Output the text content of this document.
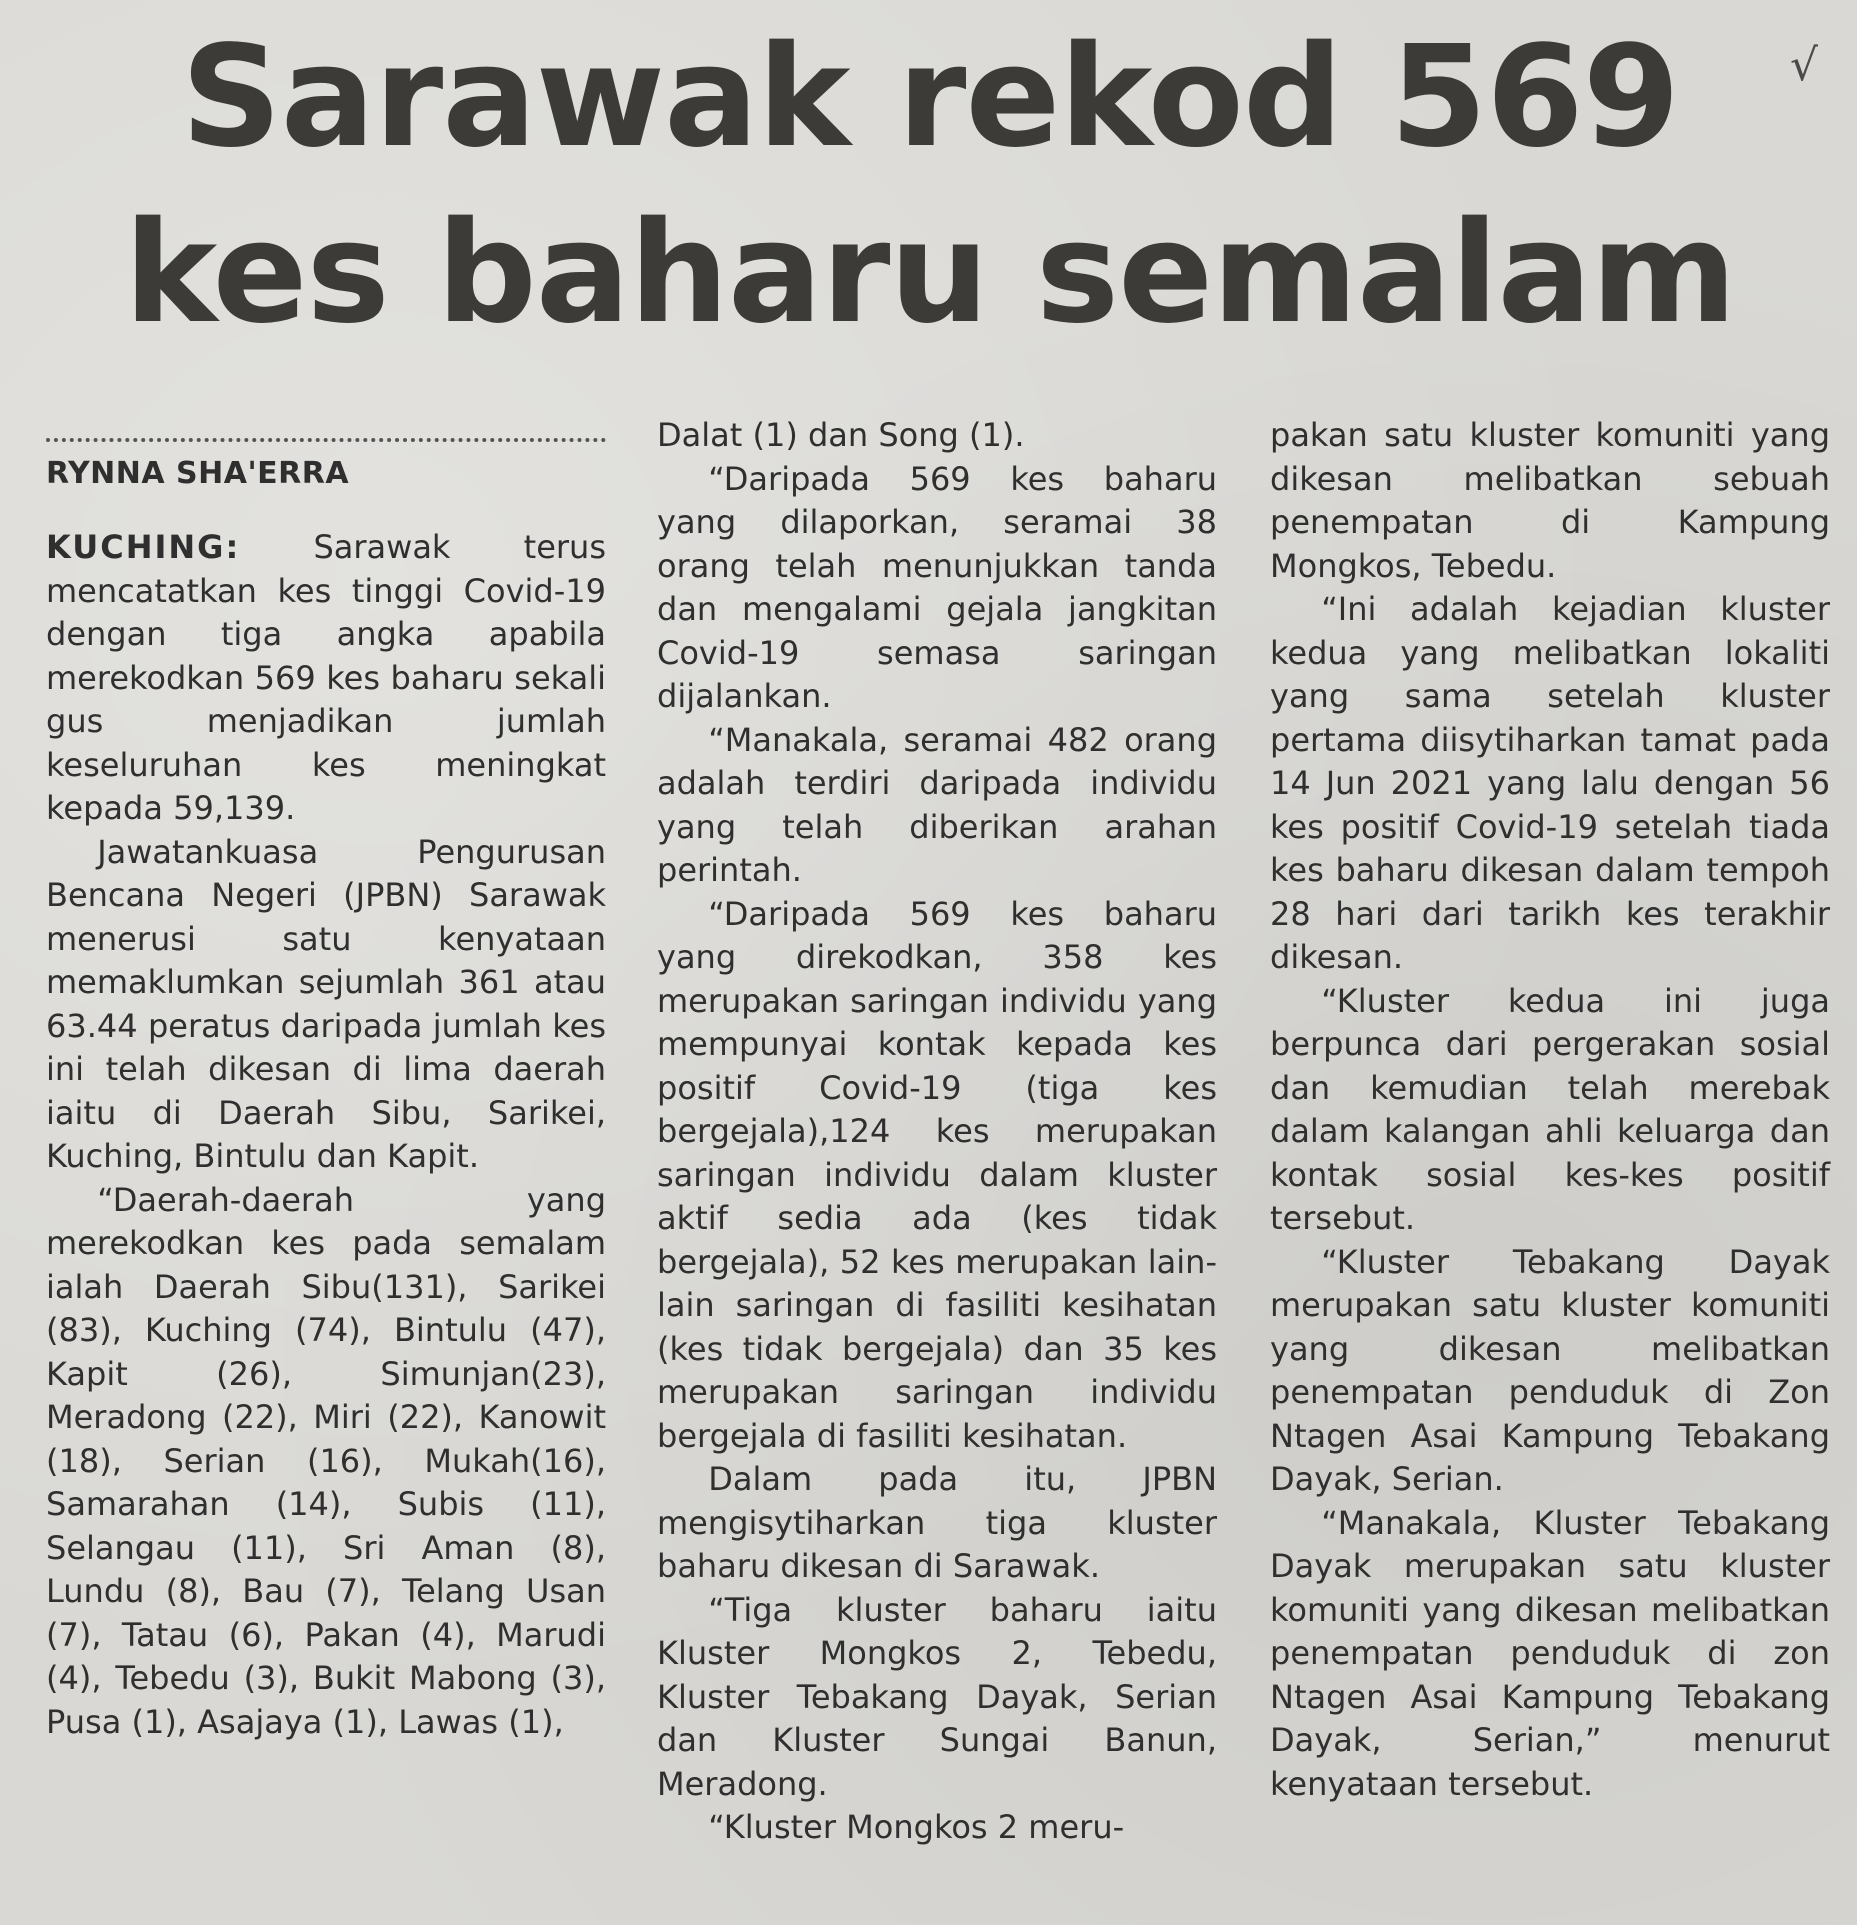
Sarawak rekod 569
kes baharu semalam
√
RYNNA SHA'ERRA

KUCHING: Sarawak terus mencatatkan kes tinggi Covid-19 dengan tiga angka apabila merekodkan 569 kes baharu sekali gus menjadikan jumlah keseluruhan kes meningkat kepada 59,139.

Jawatankuasa Pengurusan Bencana Negeri (JPBN) Sarawak menerusi satu kenyataan memaklumkan sejumlah 361 atau 63.44 peratus daripada jumlah kes ini telah dikesan di lima daerah iaitu di Daerah Sibu, Sarikei, Kuching, Bintulu dan Kapit.

“Daerah-daerah yang merekodkan kes pada semalam ialah Daerah Sibu(131), Sarikei (83), Kuching (74), Bintulu (47), Kapit (26), Simunjan(23), Meradong (22), Miri (22), Kanowit (18), Serian (16), Mukah(16), Samarahan (14), Subis (11), Selangau (11), Sri Aman (8), Lundu (8), Bau (7), Telang Usan (7), Tatau (6), Pakan (4), Marudi (4), Tebedu (3), Bukit Mabong (3), Pusa (1), Asajaya (1), Lawas (1),

Dalat (1) dan Song (1).

“Daripada 569 kes baharu yang dilaporkan, seramai 38 orang telah menunjukkan tanda dan mengalami gejala jangkitan Covid-19 semasa saringan dijalankan.

“Manakala, seramai 482 orang adalah terdiri daripada individu yang telah diberikan arahan perintah.

“Daripada 569 kes baharu yang direkodkan, 358 kes merupakan saringan individu yang mempunyai kontak kepada kes positif Covid-19 (tiga kes bergejala),124 kes merupakan saringan individu dalam kluster aktif sedia ada (kes tidak bergejala), 52 kes merupakan lain-lain saringan di fasiliti kesihatan (kes tidak bergejala) dan 35 kes merupakan saringan individu bergejala di fasiliti kesihatan.

Dalam pada itu, JPBN mengisytiharkan tiga kluster baharu dikesan di Sarawak.

“Tiga kluster baharu iaitu Kluster Mongkos 2, Tebedu, Kluster Tebakang Dayak, Serian dan Kluster Sungai Banun, Meradong.

“Kluster Mongkos 2 meru-

pakan satu kluster komuniti yang dikesan melibatkan sebuah penempatan di Kampung Mongkos, Tebedu.

“Ini adalah kejadian kluster kedua yang melibatkan lokaliti yang sama setelah kluster pertama diisytiharkan tamat pada 14 Jun 2021 yang lalu dengan 56 kes positif Covid-19 setelah tiada kes baharu dikesan dalam tempoh 28 hari dari tarikh kes terakhir dikesan.

“Kluster kedua ini juga berpunca dari pergerakan sosial dan kemudian telah merebak dalam kalangan ahli keluarga dan kontak sosial kes-kes positif tersebut.

“Kluster Tebakang Dayak merupakan satu kluster komuniti yang dikesan melibatkan penempatan penduduk di Zon Ntagen Asai Kampung Tebakang Dayak, Serian.

“Manakala, Kluster Tebakang Dayak merupakan satu kluster komuniti yang dikesan melibatkan penempatan penduduk di zon Ntagen Asai Kampung Tebakang Dayak, Serian,” menurut kenyataan tersebut.
